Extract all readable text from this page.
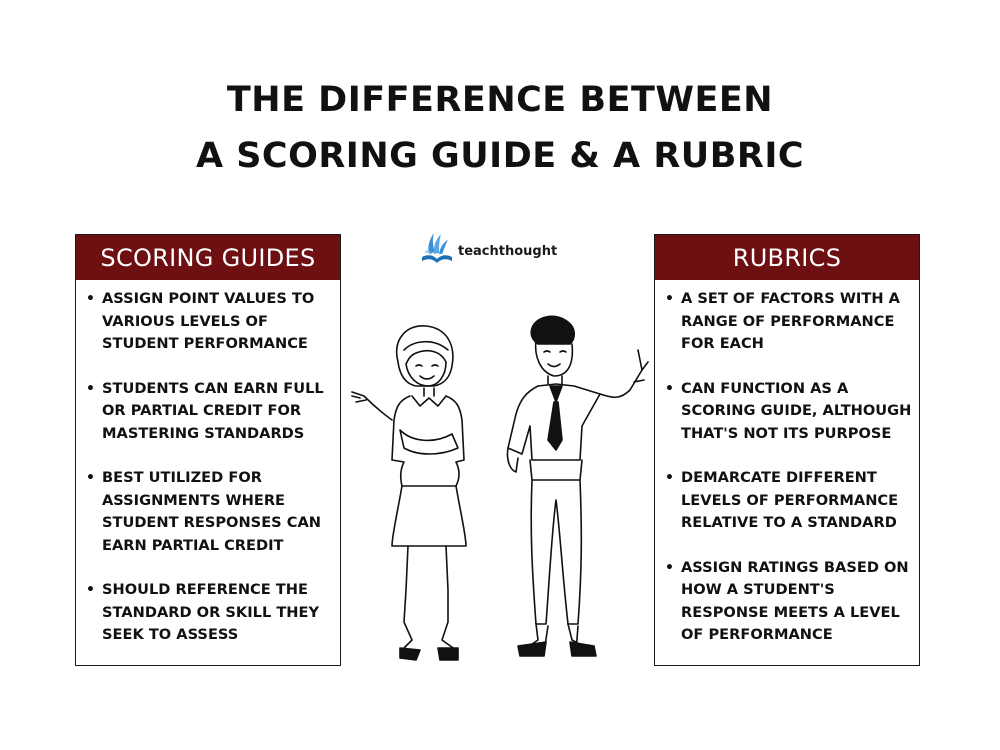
THE DIFFERENCE BETWEEN
A SCORING GUIDE & A RUBRIC
SCORING GUIDES
• ASSIGN POINT VALUES TO VARIOUS LEVELS OF STUDENT PERFORMANCE
• STUDENTS CAN EARN FULL OR PARTIAL CREDIT FOR MASTERING STANDARDS
• BEST UTILIZED FOR ASSIGNMENTS WHERE STUDENT RESPONSES CAN EARN PARTIAL CREDIT
• SHOULD REFERENCE THE STANDARD OR SKILL THEY SEEK TO ASSESS
RUBRICS
• A SET OF FACTORS WITH A RANGE OF PERFORMANCE FOR EACH
• CAN FUNCTION AS A SCORING GUIDE, ALTHOUGH THAT'S NOT ITS PURPOSE
• DEMARCATE DIFFERENT LEVELS OF PERFORMANCE RELATIVE TO A STANDARD
• ASSIGN RATINGS BASED ON HOW A STUDENT'S RESPONSE MEETS A LEVEL OF PERFORMANCE
teachthought
